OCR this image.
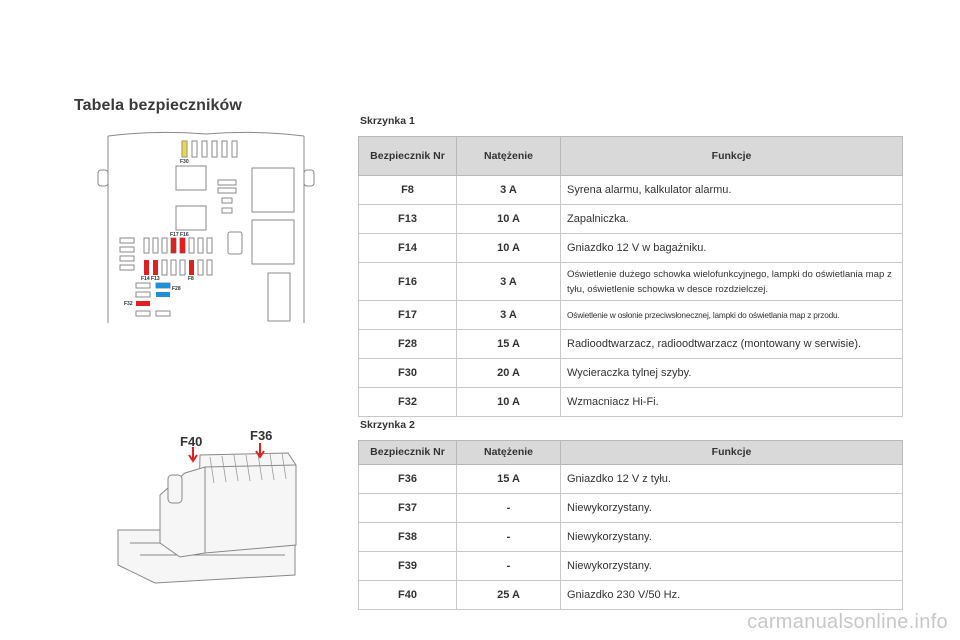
Tabela bezpieczników
F30
F17 F16
F14 F13	F8
F28
F32
F40	F36
Skrzynka 1
Bezpiecznik Nr	Natężenie	Funkcje
F8	3 A	Syrena alarmu, kalkulator alarmu.
F13	10 A	Zapalniczka.
F14	10 A	Gniazdko 12 V w bagażniku.
F16	3 A	Oświetlenie dużego schowka wielofunkcyjnego, lampki do oświetlania map z tyłu, oświetlenie schowka w desce rozdzielczej.
F17	3 A	Oświetlenie w osłonie przeciwsłonecznej, lampki do oświetlania map z przodu.
F28	15 A	Radioodtwarzacz, radioodtwarzacz (montowany w serwisie).
F30	20 A	Wycieraczka tylnej szyby.
F32	10 A	Wzmacniacz Hi-Fi.
Skrzynka 2
Bezpiecznik Nr	Natężenie	Funkcje
F36	15 A	Gniazdko 12 V z tyłu.
F37	-	Niewykorzystany.
F38	-	Niewykorzystany.
F39	-	Niewykorzystany.
F40	25 A	Gniazdko 230 V/50 Hz.
carmanualsonline.info
